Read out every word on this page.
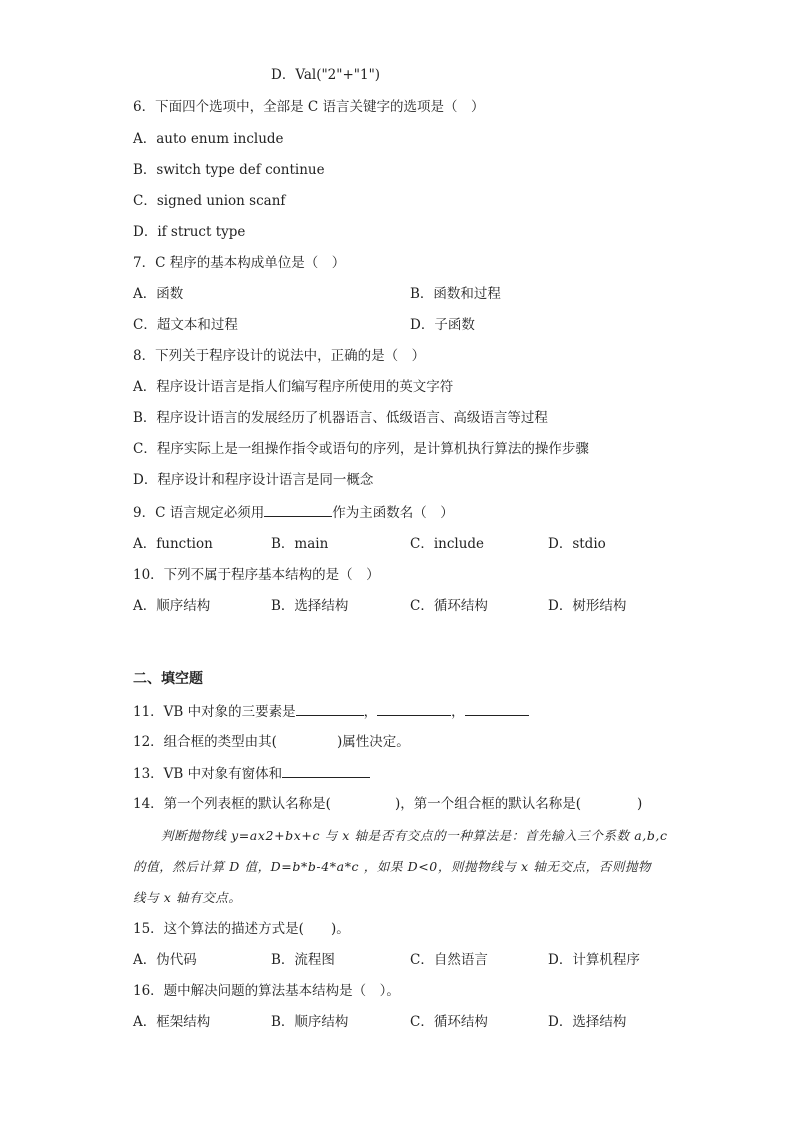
D．Val("2"+"1")
6．下面四个选项中，全部是 C 语言关键字的选项是（　）
A．auto enum include
B．switch type def continue
C．signed union scanf
D．if struct type
7．C 程序的基本构成单位是（　）
A．函数	B．函数和过程
C．超文本和过程	D．子函数
8．下列关于程序设计的说法中，正确的是（　）
A．程序设计语言是指人们编写程序所使用的英文字符
B．程序设计语言的发展经历了机器语言、低级语言、高级语言等过程
C．程序实际上是一组操作指令或语句的序列，是计算机执行算法的操作步骤
D．程序设计和程序设计语言是同一概念
9．C 语言规定必须用	作为主函数名（　）
A．function	B．main	C．include	D．stdio
10．下列不属于程序基本结构的是（　）
A．顺序结构	B．选择结构	C．循环结构	D．树形结构
二、填空题
11．VB 中对象的三要素是	，	，
12．组合框的类型由其(	)属性决定。
13．VB 中对象有窗体和
14．第一个列表框的默认名称是(	)，第一个组合框的默认名称是(	)
判断抛物线 y=ax2+bx+c 与 x 轴是否有交点的一种算法是：首先输入三个系数 a,b,c
的值，然后计算 D 值，D=b*b-4*a*c ，如果 D<0，则抛物线与 x 轴无交点，否则抛物
线与 x 轴有交点。
15．这个算法的描述方式是(　　)。
A．伪代码	B．流程图	C．自然语言	D．计算机程序
16．题中解决问题的算法基本结构是（　）。
A．框架结构	B．顺序结构	C．循环结构	D．选择结构
